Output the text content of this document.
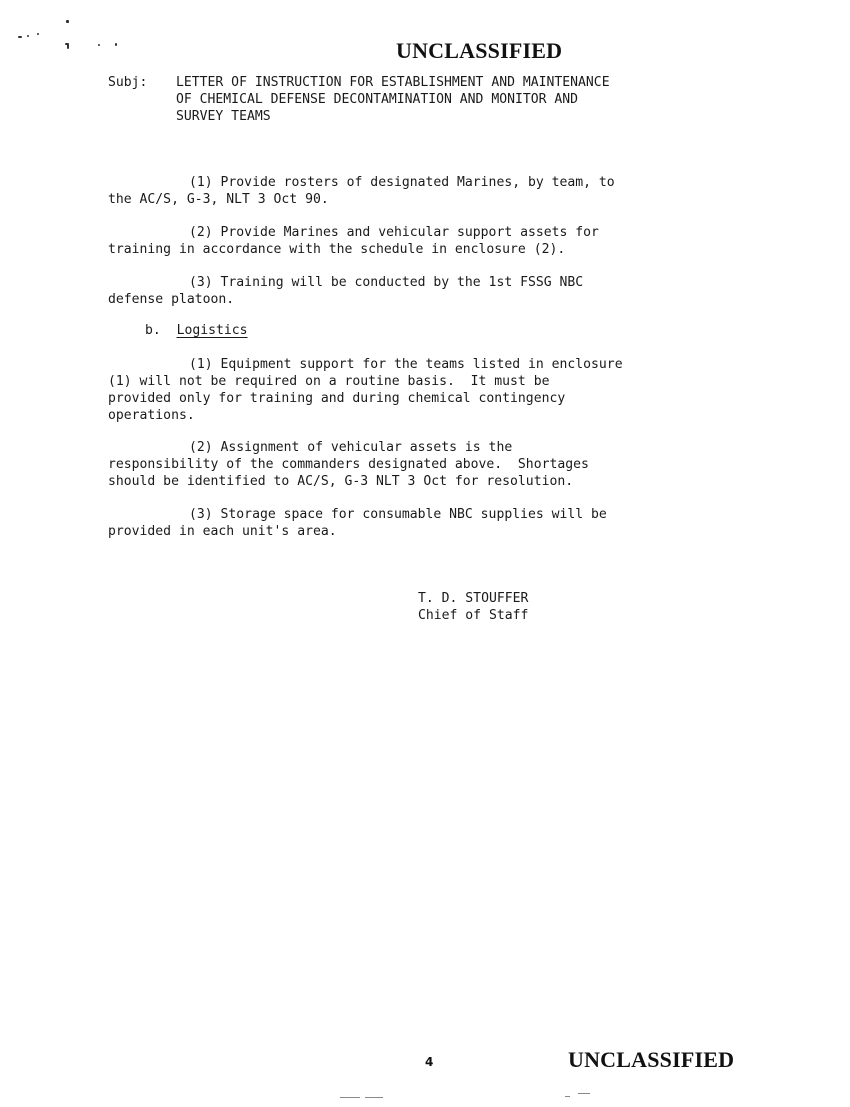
UNCLASSIFIED
Subj: LETTER OF INSTRUCTION FOR ESTABLISHMENT AND MAINTENANCE
OF CHEMICAL DEFENSE DECONTAMINATION AND MONITOR AND
SURVEY TEAMS
(1) Provide rosters of designated Marines, by team, to
the AC/S, G-3, NLT 3 Oct 90.
(2) Provide Marines and vehicular support assets for
training in accordance with the schedule in enclosure (2).
(3) Training will be conducted by the 1st FSSG NBC
defense platoon.
b. Logistics
(1) Equipment support for the teams listed in enclosure
(1) will not be required on a routine basis.  It must be
provided only for training and during chemical contingency
operations.
(2) Assignment of vehicular assets is the
responsibility of the commanders designated above.  Shortages
should be identified to AC/S, G-3 NLT 3 Oct for resolution.
(3) Storage space for consumable NBC supplies will be
provided in each unit's area.
T. D. STOUFFER
Chief of Staff
4	UNCLASSIFIED
